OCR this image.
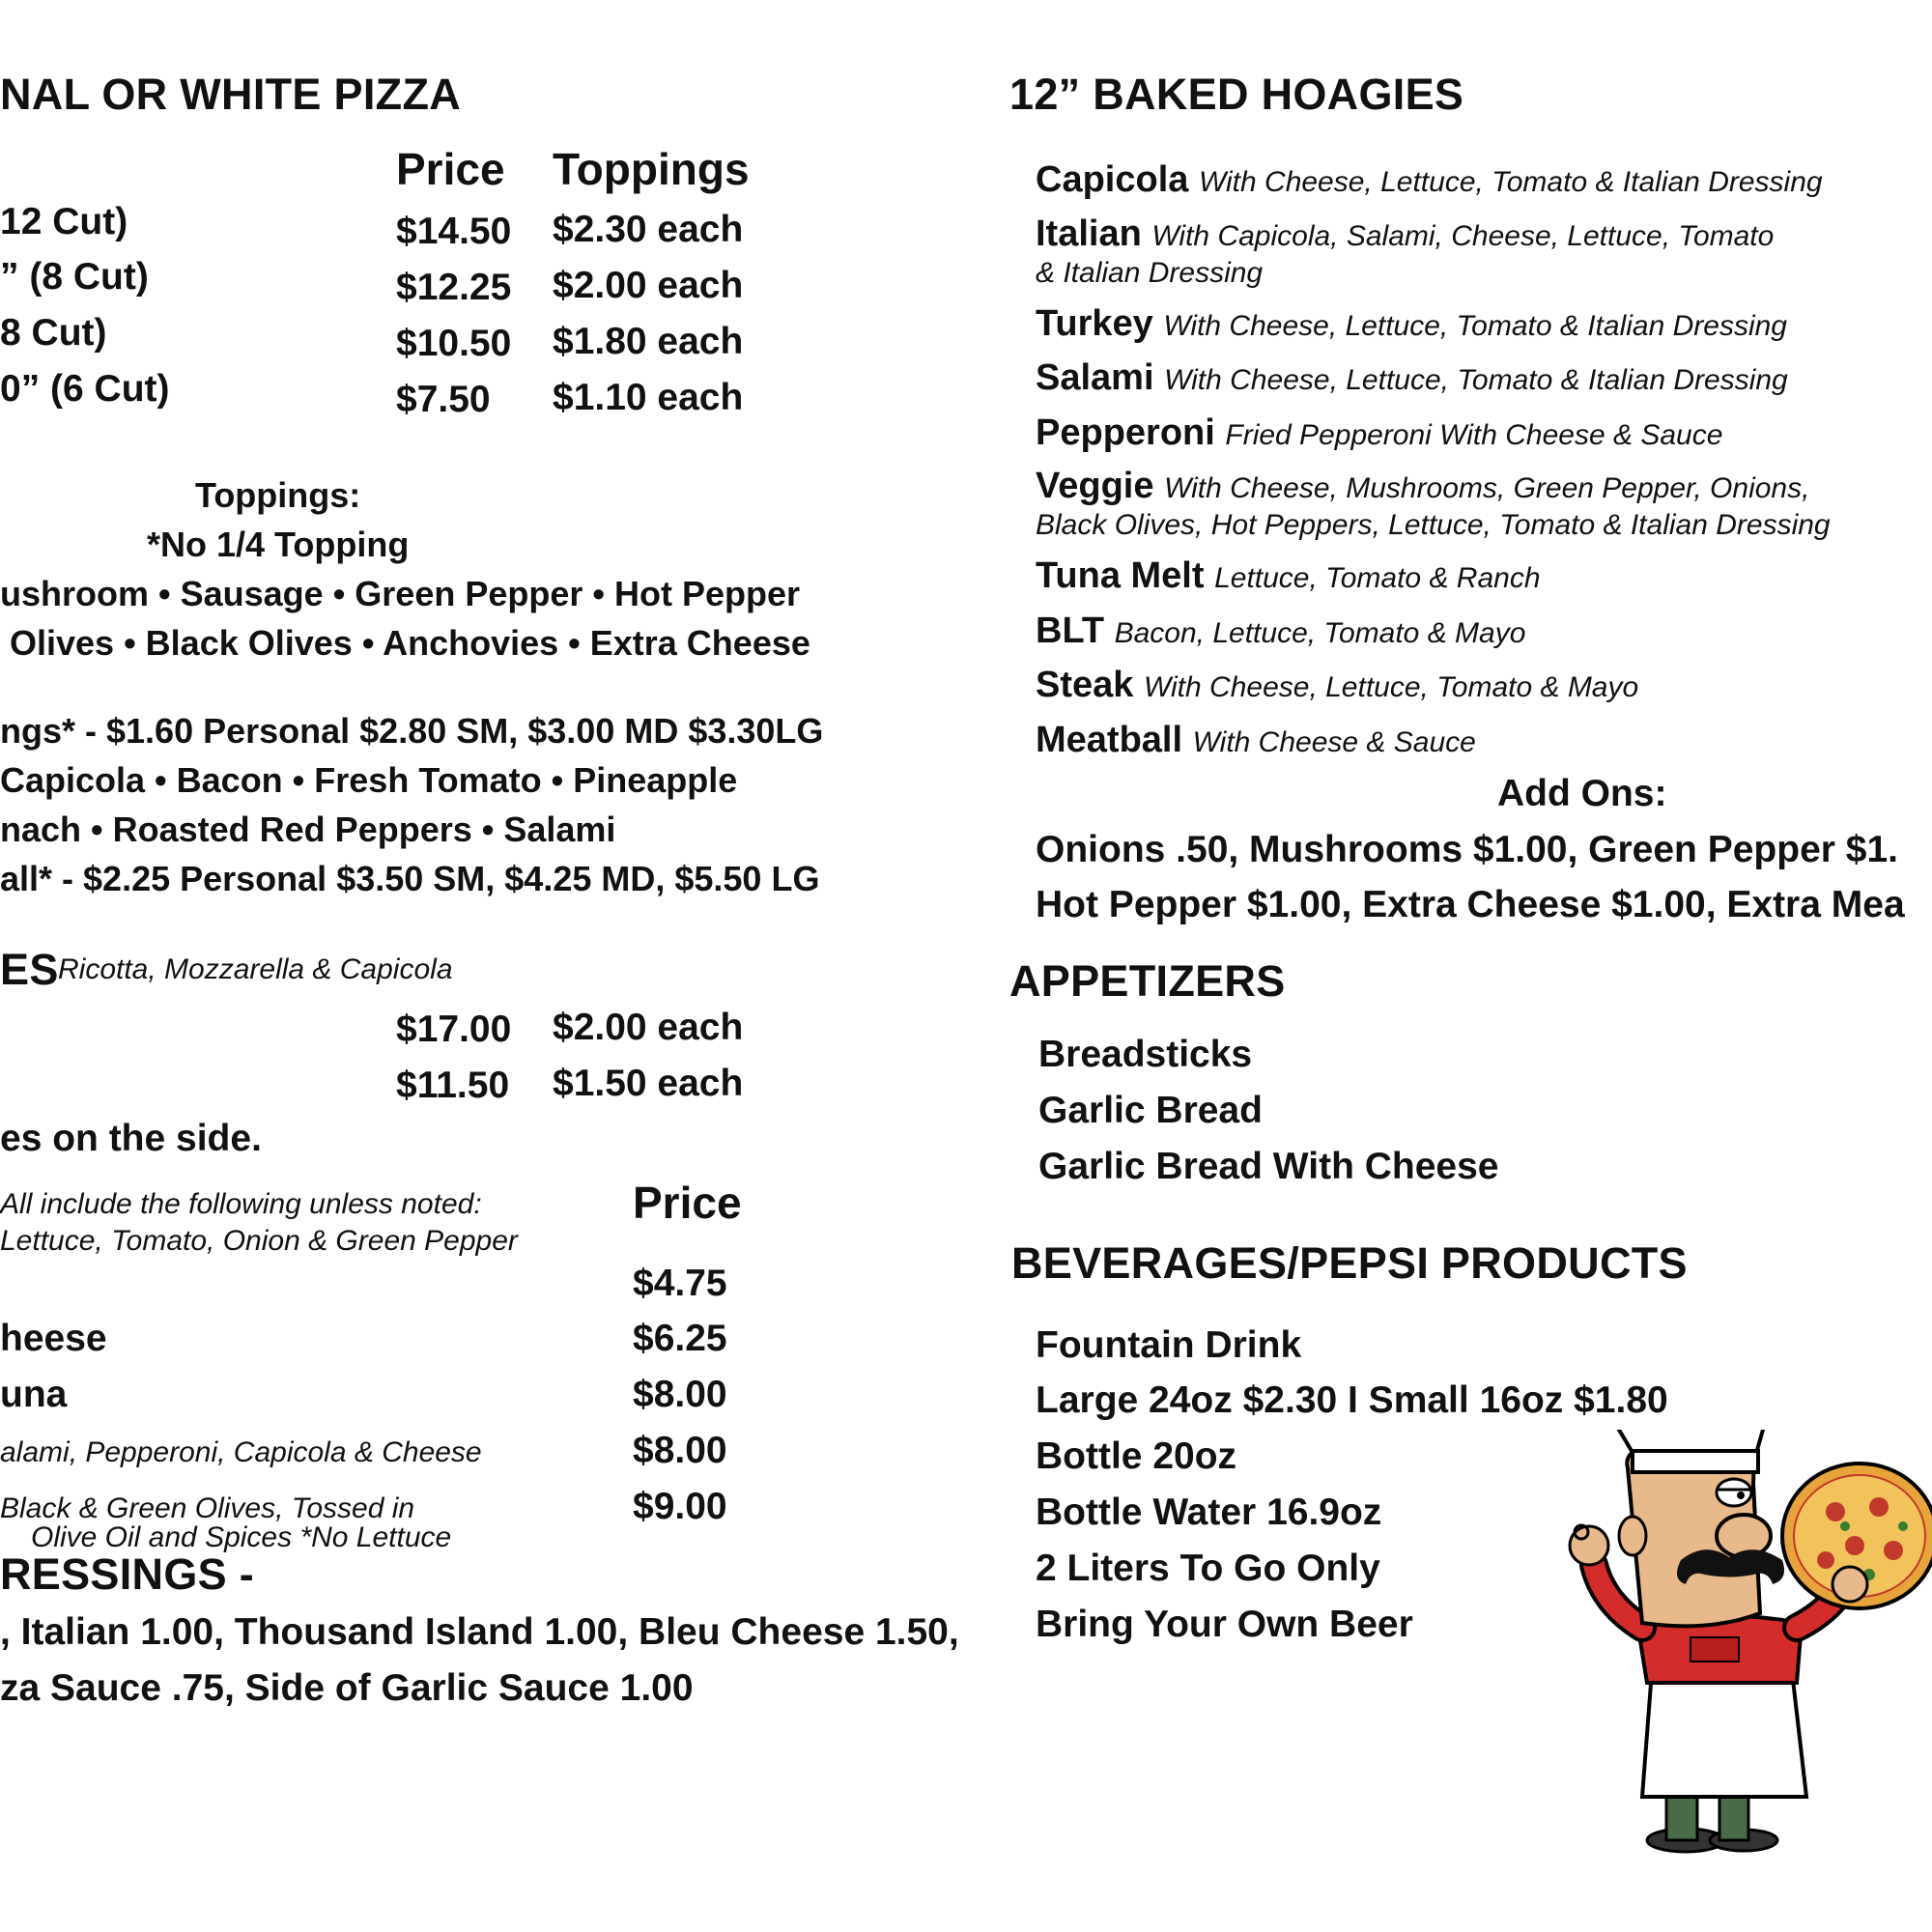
NAL OR WHITE PIZZA
Price Toppings
12 Cut)	$14.50 $2.30 each
” (8 Cut)	$12.25 $2.00 each
8 Cut)	$10.50 $1.80 each
0” (6 Cut)	$7.50 $1.10 each
Toppings:
*No 1/4 Topping
ushroom • Sausage • Green Pepper • Hot Pepper
Olives • Black Olives • Anchovies • Extra Cheese
ngs* - $1.60 Personal $2.80 SM, $3.00 MD $3.30LG
Capicola • Bacon • Fresh Tomato • Pineapple
nach • Roasted Red Peppers • Salami
all* - $2.25 Personal $3.50 SM, $4.25 MD, $5.50 LG
ES Ricotta, Mozzarella & Capicola
$17.00 $2.00 each
$11.50 $1.50 each
es on the side.
All include the following unless noted:
Lettuce, Tomato, Onion & Green Pepper
Price
$4.75
heese	$6.25
una	$8.00
alami, Pepperoni, Capicola & Cheese	$8.00
Black & Green Olives, Tossed in
Olive Oil and Spices *No Lettuce
$9.00
RESSINGS -
, Italian 1.00, Thousand Island 1.00, Bleu Cheese 1.50,
za Sauce .75, Side of Garlic Sauce 1.00
12” BAKED HOAGIES
Capicola With Cheese, Lettuce, Tomato & Italian Dressing
Italian With Capicola, Salami, Cheese, Lettuce, Tomato
& Italian Dressing
Turkey With Cheese, Lettuce, Tomato & Italian Dressing
Salami With Cheese, Lettuce, Tomato & Italian Dressing
Pepperoni Fried Pepperoni With Cheese & Sauce
Veggie With Cheese, Mushrooms, Green Pepper, Onions,
Black Olives, Hot Peppers, Lettuce, Tomato & Italian Dressing
Tuna Melt Lettuce, Tomato & Ranch
BLT Bacon, Lettuce, Tomato & Mayo
Steak With Cheese, Lettuce, Tomato & Mayo
Meatball With Cheese & Sauce
Add Ons:
Onions .50, Mushrooms $1.00, Green Pepper $1.
Hot Pepper $1.00, Extra Cheese $1.00, Extra Mea
APPETIZERS
Breadsticks
Garlic Bread
Garlic Bread With Cheese
BEVERAGES/PEPSI PRODUCTS
Fountain Drink
Large 24oz $2.30 I Small 16oz $1.80
Bottle 20oz
Bottle Water 16.9oz
2 Liters To Go Only
Bring Your Own Beer
